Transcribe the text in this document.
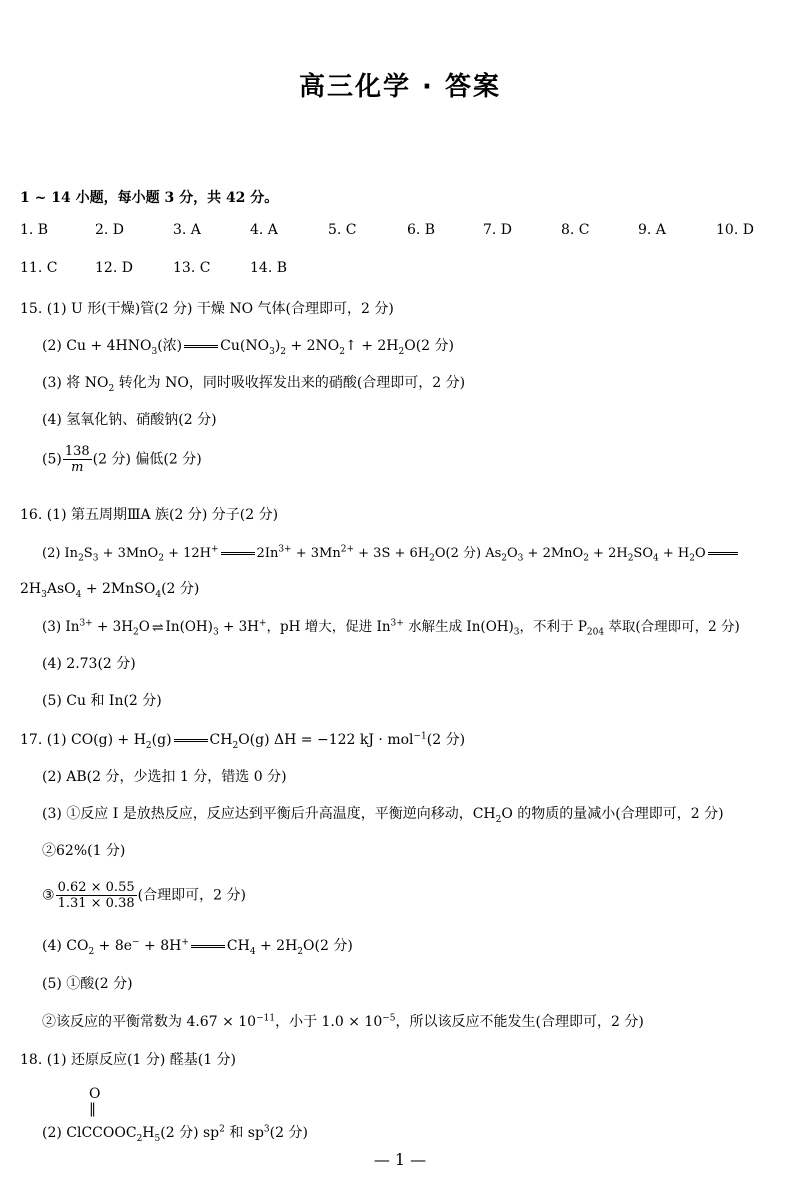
高三化学 · 答案
1 ~ 14 小题，每小题 3 分，共 42 分。
1. B	2. D	3. A	4. A	5. C	6. B	7. D	8. C	9. A	10. D
11. C	12. D	13. C	14. B
15. (1) U 形(干燥)管(2 分) 干燥 NO 气体(合理即可，2 分)
(2) $Cu + 4HNO_3$(浓)	$Cu(NO_3)_2$ + $2NO_2↑ + 2H_2O(2$ 分)
(3) 将 $NO_2$ 转化为 NO，同时吸收挥发出来的硝酸(合理即可，2 分)
(4) 氢氧化钠、硝酸钠(2 分)
$(5) \frac{138}{m} (2$ 分) 偏低(2 分)
16. (1) 第五周期ⅢA 族(2 分) 分子(2 分)
(2) $In_2S_3 + 3MnO_2 + 12H^+$	$2In^{3+} + 3Mn^{2+} + 3S + 6H_2O(2$ 分) $As_2O_3 + 2MnO_2 + 2H_2SO_4 + H_2O$
$2H_3AsO_4$ + 2MnSO$_4$(2 分)
(3) $In^{3+} + 3H_2O$ ⇌ $In(OH)_3 + 3H^+$，pH 增大，促进 $In^{3+}$ 水解生成 $In(OH)_3$，不利于 $P_{204}$ 萃取(合理即可，2 分)
(4) 2.73(2 分)
(5) Cu 和 In(2 分)
17. (1) $CO(g) + H_2(g)$	$CH_2O(g) \Delta H = -122$ kJ · mol$^{-1}$(2 分)
(2) AB(2 分，少选扣 1 分，错选 0 分)
(3) ①反应 Ⅰ 是放热反应，反应达到平衡后升高温度，平衡逆向移动，$CH_2O$ 的物质的量减小(合理即可，2 分)
②62%(1 分)
③ $\frac{0.62 \times 0.55}{1.31 \times 0.38}$ (合理即可，2 分)
(4) $CO_2 + 8e^- + 8H^+$	$CH_4 + 2H_2O(2$ 分)
(5) ①酸(2 分)
②该反应的平衡常数为 $4.67 \times 10^{-11}$，小于 $1.0 \times 10^{-5}$，所以该反应不能发生(合理即可，2 分)
18. (1) 还原反应(1 分) 醛基(1 分)
O
‖
(2) $ClCCOOC_2H_5(2$ 分) $sp^2$ 和 $sp^3(2$ 分)
— 1 —
